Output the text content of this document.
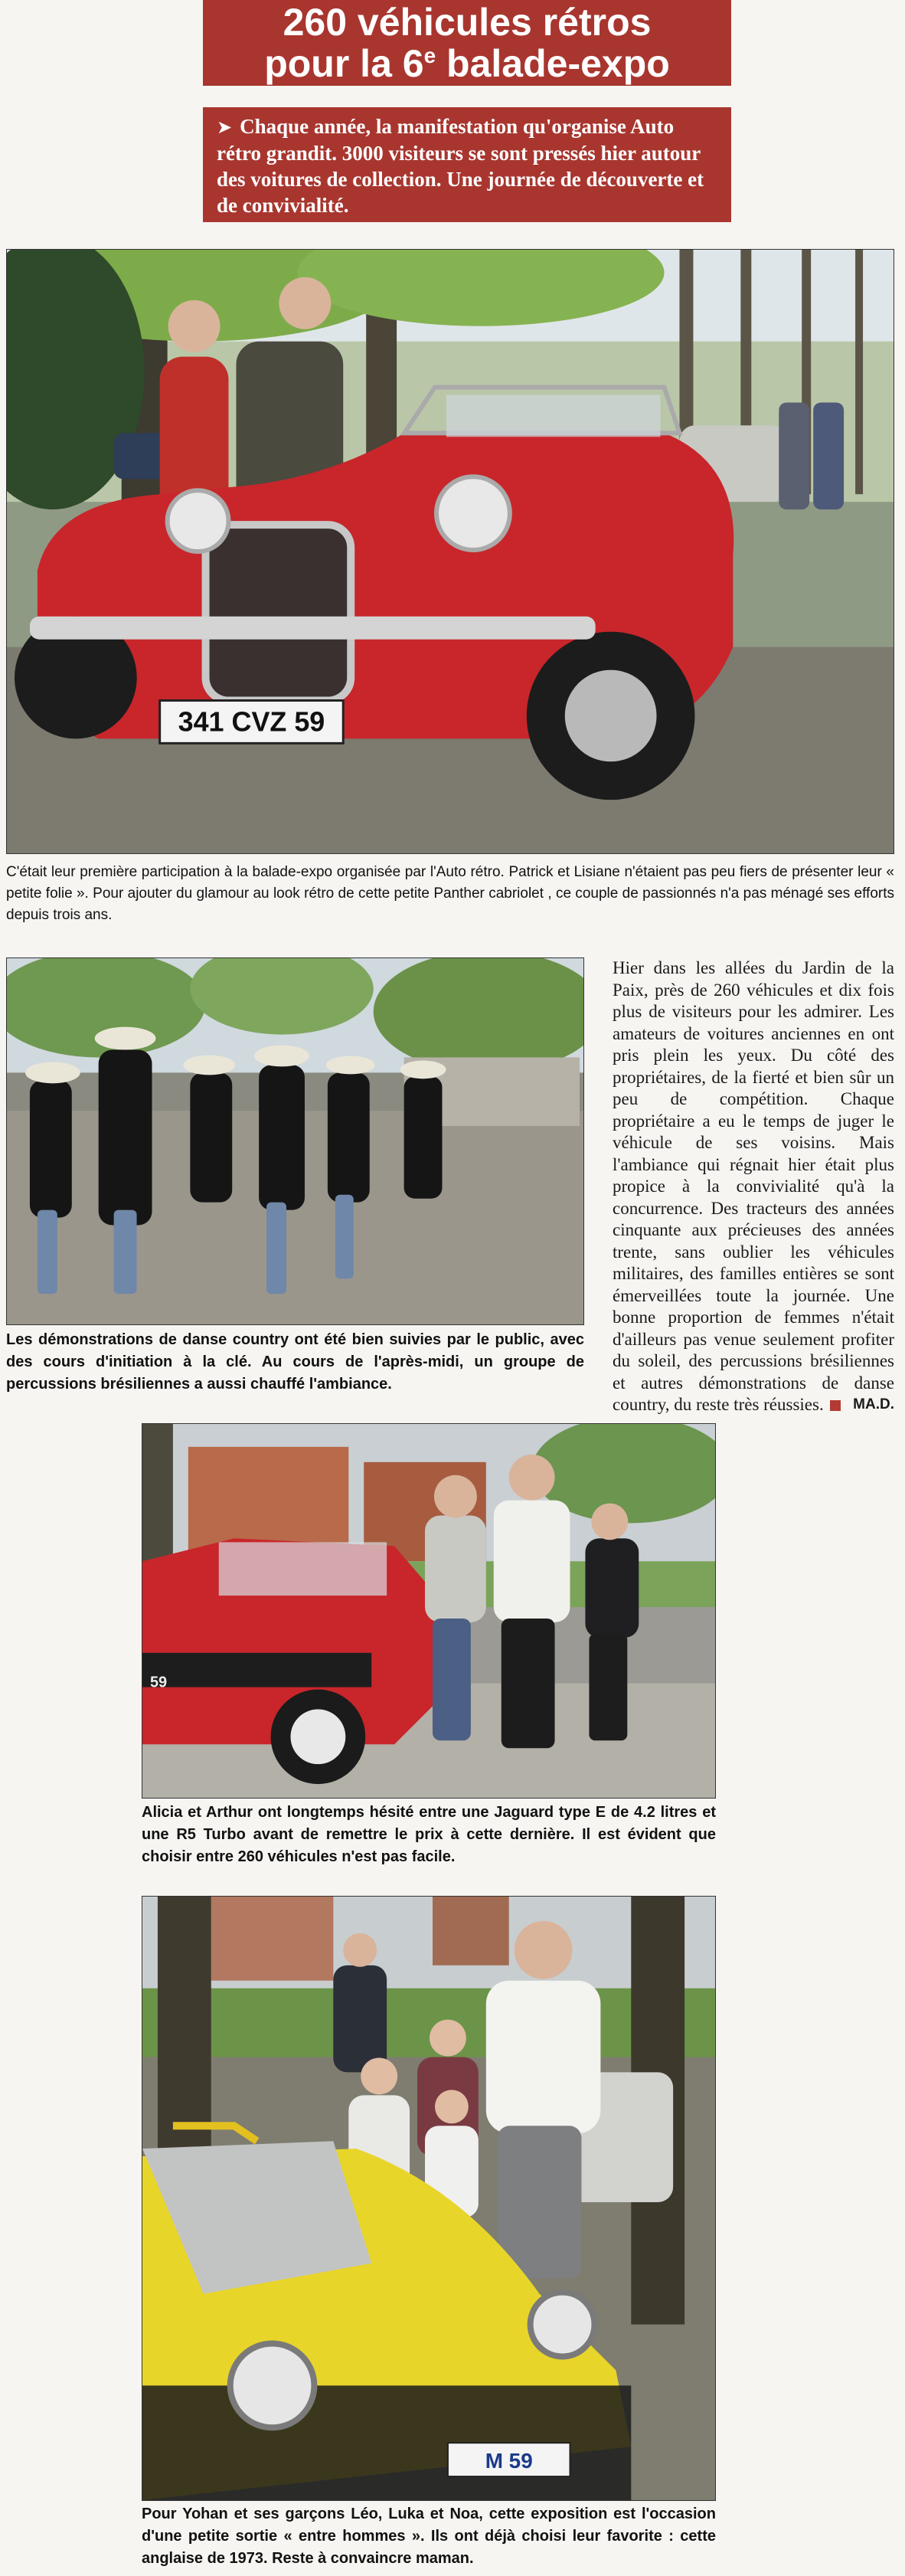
260 véhicules rétros
pour la 6e balade-expo
➤ Chaque année, la manifestation qu'organise Auto rétro grandit. 3000 visiteurs se sont pressés hier autour des voitures de collection. Une journée de découverte et de convivialité.
341 CVZ 59
C'était leur première participation à la balade-expo organisée par l'Auto rétro. Patrick et Lisiane n'étaient pas peu fiers de présenter leur « petite folie ». Pour ajouter du glamour au look rétro de cette petite Panther cabriolet , ce couple de passionnés n'a pas ménagé ses efforts depuis trois ans.
Les démonstrations de danse country ont été bien suivies par le public, avec des cours d'initiation à la clé. Au cours de l'après-midi, un groupe de percussions brésiliennes a aussi chauffé l'ambiance.
Hier dans les allées du Jardin de la Paix, près de 260 véhicules et dix fois plus de visiteurs pour les admirer. Les amateurs de voitures anciennes en ont pris plein les yeux. Du côté des propriétaires, de la fierté et bien sûr un peu de compétition. Chaque propriétaire a eu le temps de juger le véhicule de ses voisins. Mais l'ambiance qui régnait hier était plus propice à la convivialité qu'à la concurrence. Des tracteurs des années cinquante aux précieuses des années trente, sans oublier les véhicules militaires, des familles entières se sont émerveillées toute la journée. Une bonne proportion de femmes n'était d'ailleurs pas venue seulement profiter du soleil, des percussions brésiliennes et autres démonstrations de danse country, du reste très réussies. MA.D.
59
Alicia et Arthur ont longtemps hésité entre une Jaguard type E de 4.2 litres et une R5 Turbo avant de remettre le prix à cette dernière. Il est évident que choisir entre 260 véhicules n'est pas facile.
M 59
Pour Yohan et ses garçons Léo, Luka et Noa, cette exposition est l'occasion d'une petite sortie « entre hommes ». Ils ont déjà choisi leur favorite : cette anglaise de 1973. Reste à convaincre maman.
